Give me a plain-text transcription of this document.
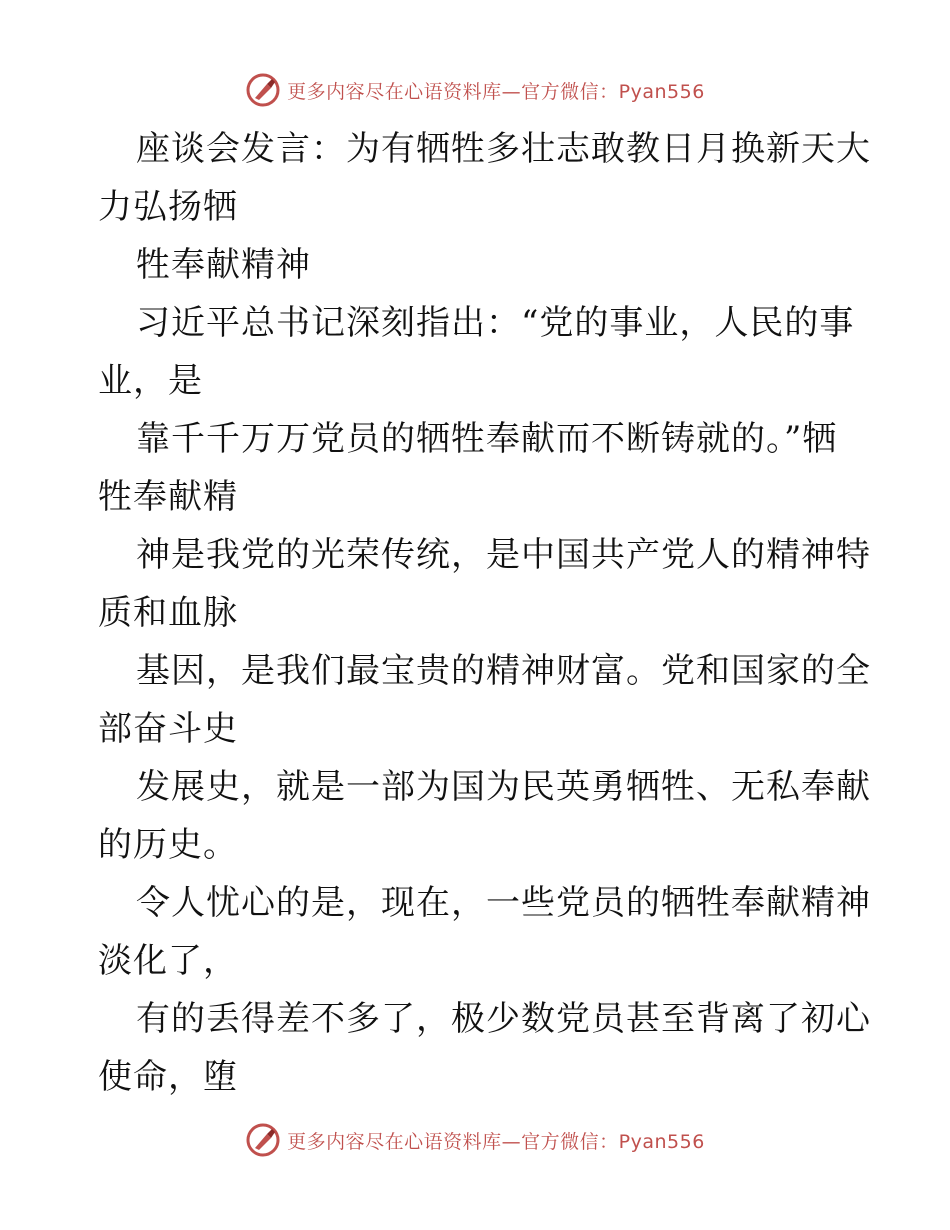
更多内容尽在心语资料库—官方微信：Pyan556
座谈会发言：为有牺牲多壮志敢教日月换新天大
力弘扬牺
牲奉献精神
习近平总书记深刻指出：“党的事业，人民的事
业，是
靠千千万万党员的牺牲奉献而不断铸就的。”牺
牲奉献精
神是我党的光荣传统，是中国共产党人的精神特
质和血脉
基因，是我们最宝贵的精神财富。党和国家的全
部奋斗史
发展史，就是一部为国为民英勇牺牲、无私奉献
的历史。
令人忧心的是，现在，一些党员的牺牲奉献精神
淡化了，
有的丢得差不多了，极少数党员甚至背离了初心
使命，堕
更多内容尽在心语资料库—官方微信：Pyan556
